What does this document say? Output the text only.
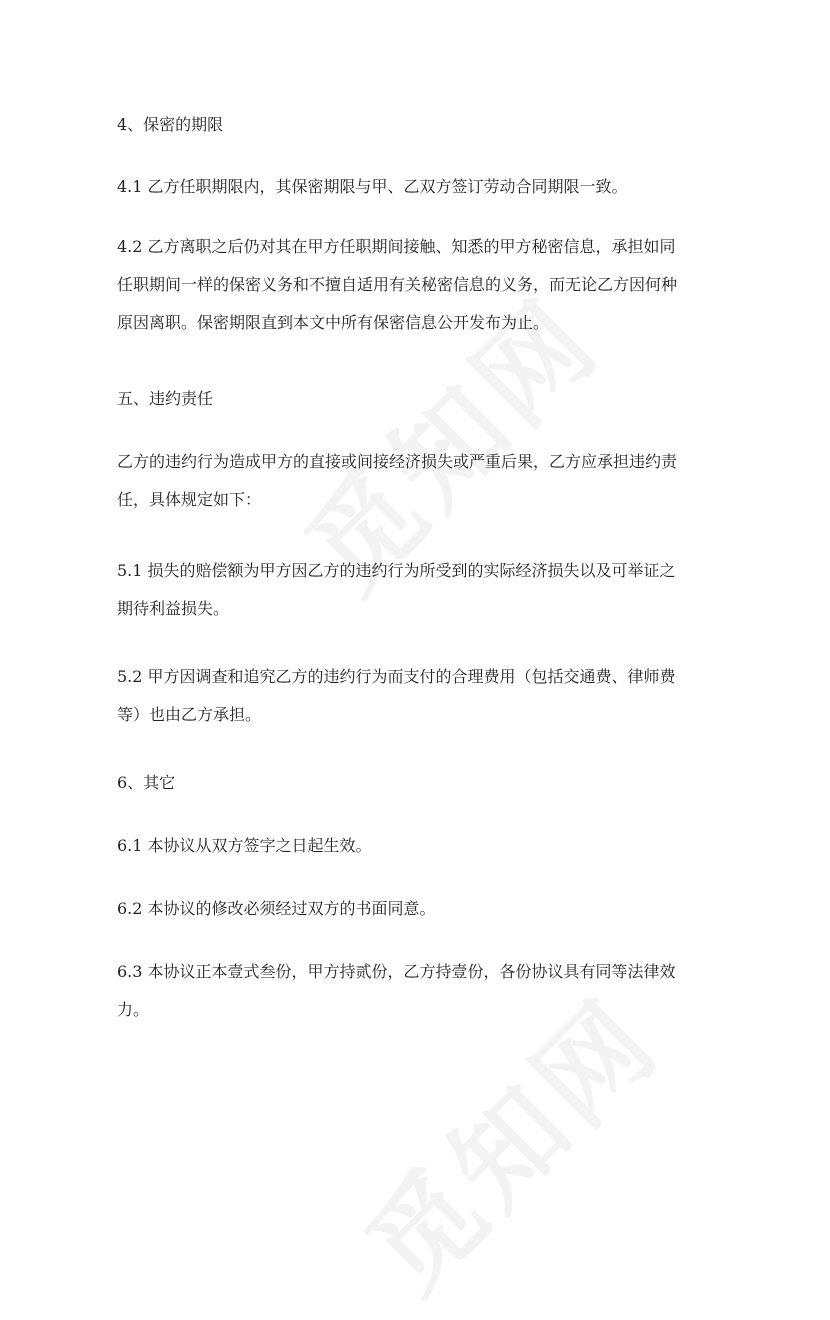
4、保密的期限

4.1 乙方任职期限内，其保密期限与甲、乙双方签订劳动合同期限一致。

4.2 乙方离职之后仍对其在甲方任职期间接触、知悉的甲方秘密信息，承担如同
任职期间一样的保密义务和不擅自适用有关秘密信息的义务，而无论乙方因何种
原因离职。保密期限直到本文中所有保密信息公开发布为止。

五、违约责任

乙方的违约行为造成甲方的直接或间接经济损失或严重后果，乙方应承担违约责
任，具体规定如下：

5.1 损失的赔偿额为甲方因乙方的违约行为所受到的实际经济损失以及可举证之
期待利益损失。

5.2 甲方因调查和追究乙方的违约行为而支付的合理费用（包括交通费、律师费
等）也由乙方承担。

6、其它

6.1 本协议从双方签字之日起生效。

6.2 本协议的修改必须经过双方的书面同意。

6.3 本协议正本壹式叁份，甲方持贰份，乙方持壹份，各份协议具有同等法律效
力。
